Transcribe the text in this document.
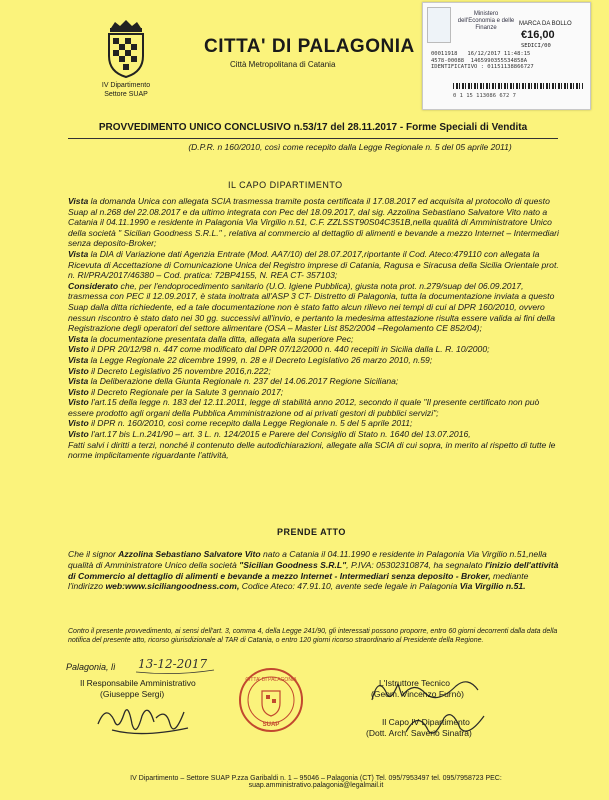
IV Dipartimento
Settore SUAP
CITTA' DI PALAGONIA
Città Metropolitana di Catania
Ministero dell'Economia e delle Finanze
MARCA DA BOLLO
€16,00
SEDICI/00
00011918   16/12/2017 11:48:15
4578-00088  1465990355534858A
IDENTIFICATIVO : 01151138866727
0 1 15 113086 672 7
PROVVEDIMENTO UNICO CONCLUSIVO n.53/17 del 28.11.2017 - Forme Speciali di Vendita
(D.P.R. n 160/2010, così come recepito dalla Legge Regionale n. 5 del 05 aprile 2011)
IL CAPO DIPARTIMENTO

Vista la domanda Unica con allegata SCIA trasmessa tramite posta certificata il 17.08.2017 ed acquisita al protocollo di questo Suap al n.268 del 22.08.2017 e da ultimo integrata con Pec del 18.09.2017, dal sig. Azzolina Sebastiano Salvatore Vito nato a Catania il 04.11.1990 e residente in Palagonia Via Virgilio n.51, C.F. ZZLSST90S04C351B,nella qualità di Amministratore Unico della società " Sicilian Goodness S.R.L." , relativa al commercio al dettaglio di alimenti e bevande a mezzo Internet – Intermediari senza deposito-Broker;

Vista la DIA di Variazione dati Agenzia Entrate (Mod. AA7/10) del 28.07.2017,riportante il Cod. Ateco:479110 con allegata la Ricevuta di Accettazione di Comunicazione Unica del Registro imprese di Catania, Ragusa e Siracusa della Sicilia Orientale prot. n. RI/PRA/2017/46380 – Cod. pratica: 72BP4155, N. REA CT- 357103;

Considerato che, per l'endoprocedimento sanitario (U.O. Igiene Pubblica), giusta nota prot. n.279/suap del 06.09.2017, trasmessa con PEC il 12.09.2017, è stata inoltrata all'ASP 3 CT- Distretto di Palagonia, tutta la documentazione inviata a questo Suap dalla ditta richiedente, ed a tale documentazione non è stato fatto alcun rilievo nei tempi di cui al DPR 160/2010, ovvero nessun riscontro è stato dato nei 30 gg. successivi all'invio, e pertanto la medesima attestazione risulta essere valida ai fini della Registrazione degli operatori del settore alimentare (OSA – Master List 852/2004 –Regolamento CE 852/04);

Vista la documentazione presentata dalla ditta, allegata alla superiore Pec;

Visto il DPR 20/12/98 n. 447 come modificato dal DPR 07/12/2000 n. 440 recepiti in Sicilia dalla L. R. 10/2000;

Vista la Legge Regionale 22 dicembre 1999, n. 28 e il Decreto Legislativo 26 marzo 2010, n.59;

Visto il Decreto Legislativo 25 novembre 2016,n.222;

Vista la Deliberazione della Giunta Regionale n. 237 del 14.06.2017 Regione Siciliana;

Visto il Decreto Regionale per la Salute 3 gennaio 2017;

Visto l'art.15 della legge n. 183 del 12.11.2011, legge di stabilità anno 2012, secondo il quale "Il presente certificato non può essere prodotto agli organi della Pubblica Amministrazione od ai privati gestori di pubblici servizi";

Visto il DPR n. 160/2010, così come recepito dalla Legge Regionale n. 5 del 5 aprile 2011;

Visto l'art.17 bis L.n.241/90 – art. 3 L. n. 124/2015 e Parere del Consiglio di Stato n. 1640 del 13.07.2016,

Fatti salvi i diritti a terzi, nonché il contenuto delle autodichiarazioni, allegate alla SCIA di cui sopra, in merito al rispetto di tutte le norme implicitamente riguardante l'attività,

PRENDE ATTO
Che il signor Azzolina Sebastiano Salvatore Vito nato a Catania il 04.11.1990 e residente in Palagonia Via Virgilio n.51,nella qualità di Amministratore Unico della società "Sicilian Goodness S.R.L", P.IVA: 05302310874, ha segnalato l'inizio dell'attività di Commercio al dettaglio di alimenti e bevande a mezzo Internet - Intermediari senza deposito - Broker, mediante l'indirizzo web:www.siciliangoodness.com, Codice Ateco: 47.91.10, avente sede legale in Palagonia Via Virgilio n.51.
Contro il presente provvedimento, ai sensi dell'art. 3, comma 4, della Legge 241/90, gli interessati possono proporre, entro 60 giorni decorrenti dalla data della notifica del presente atto, ricorso giurisdizionale al TAR di Catania, o entro 120 giorni ricorso straordinario al Presidente della Regione.
Palagonia, lì 13-12-2017
Il Responsabile Amministrativo
(Giuseppe Sergi)
CITTA' DI PALAGONIA
SUAP
L'Istruttore Tecnico
(Geom. Vincenzo Furnò)
Il Capo IV Dipartimento
(Dott. Arch. Saverio Sinatra)
IV Dipartimento – Settore SUAP P.zza Garibaldi n. 1 – 95046 – Palagonia (CT) Tel. 095/7953497 tel. 095/7958723 PEC: suap.amministrativo.palagonia@legalmail.it
